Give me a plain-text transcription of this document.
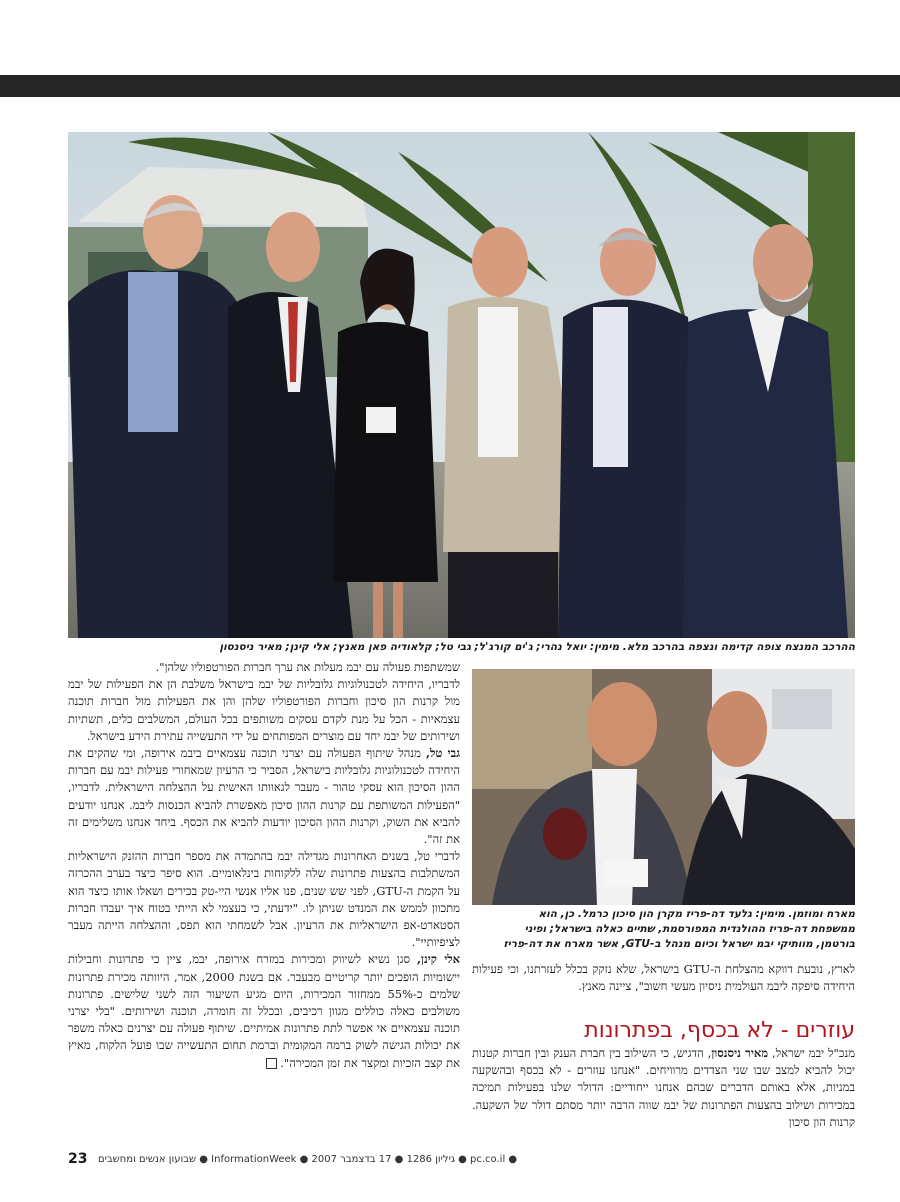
ההרכב המנצח צופה קדימה ונצפה בהרכב מלא. מימין: יואל נהרי; ג'ים קורג'ל; גבי טל; קלאודיה פאן מאנץ; אלי קינן; מאיר ניסנסון
מארח ומוזמן. מימין: גלעד דה-פריז מקרן הון סיכון כרמל. כן, הוא
ממשפחת דה-פריז ההולנדית המפורסמת, שתיים כאלה בישראל; ופיני
בורטמן, מוותיקי יבמ ישראל וכיום מנהל ב-GTU, אשר מארח את דה-פריז

שמשתפות פעולה עם יבמ מעלות את ערך חברות הפורטפוליו שלהן".

לדבריו, היחידה לטכנולוגיות גלובליות של יבמ בישראל משלבת הן את הפעילות של יבמ מול קרנות הון סיכון וחברות הפורטפוליו שלהן והן את הפעילות מול חברות תוכנה עצמאיות - הכל על מנת לקדם עסקים משותפים בכל העולם, המשלבים כלים, תשתיות ושירותים של יבמ יחד עם מוצרים המפותחים על ידי התעשייה עתירת הידע בישראל.

גבי טל, מנהל שיתוף הפעולה עם יצרני תוכנה עצמאיים ביבמ אירופה, ומי שהקים את היחידה לטכנולוגיות גלובליות בישראל, הסביר כי הרעיון שמאחורי פעילות יבמ עם חברות ההון הסיכון הוא עסקי טהור - מעבר לגאוותו האישית על ההצלחה הישראלית. לדבריו, "הפעילות המשותפת עם קרנות ההון סיכון מאפשרת להביא הכנסות ליבמ. אנחנו יודעים להביא את השוק, וקרנות ההון הסיכון יודעות להביא את הכסף. ביחד אנחנו משלימים זה את זה".

לדברי טל, בשנים האחרונות מגדילה יבמ בהתמדה את מספר חברות ההזנק הישראליות המשתלבות בהצעות פתרונות שלה ללקוחות בינלאומיים. הוא סיפר כיצד בערב ההכרזה על הקמת ה-GTU, לפני שש שנים, פנו אליו אנשי היי-טק בכירים ושאלו אותו כיצד הוא מתכוון לממש את המנדט שניתן לו. "ידעתי, כי בעצמי לא הייתי בטוח איך יעבדו חברות הסטארט-אפ הישראליות את הרעיון. אבל לשמחתי הוא תפס, וההצלחה הייתה מעבר לציפיותיי".

אלי קינן, סגן נשיא לשיווק ומכירות במזרח אירופה, יבמ, ציין כי פתרונות וחבילות יישומיות הופכים יותר קריטיים מבעבר. אם בשנת 2000, אמר, היוותה מכירת פתרונות שלמים כ-55% ממחזור המכירות, היום מגיע השיעור הזה לשני שלישים. פתרונות משולבים כאלה כוללים מגוון רכיבים, ובכלל זה חומרה, תוכנה ושירותים. "בלי יצרני תוכנה עצמאיים אי אפשר לתת פתרונות אמיתיים. שיתוף פעולה עם יצרנים כאלה משפר את יכולות הגישה לשוק ברמה המקומית וברמת תחום התעשייה שבו פועל הלקוח, מאיץ את קצב הזכיות ומקצר את זמן המכירה".

לארץ, נובעת דווקא מהצלחת ה-GTU בישראל, שלא נזקק בכלל לעזרתנו, וכי פעילות היחידה סיפקה ליבמ העולמית ניסיון מעשי חשוב", ציינה מאנץ.

עוזרים - לא בכסף, בפתרונות

מנכ"ל יבמ ישראל, מאיר ניסנסון, הדגיש, כי השילוב בין חברת הענק ובין חברות קטנות יכול להביא למצב שבו שני הצדדים מרוויחים. "אנחנו עוזרים - לא בכסף ובהשקעה במניות, אלא באותם הדברים שבהם אנחנו ייחודיים: הדולר שלנו בפעילות תמיכה במכירות ושילוב בהצעות הפתרונות של יבמ שווה הרבה יותר מסתם דולר של השקעה. קרנות הון סיכון

23 שבועון אנשים ומחשבים ● InformationWeek ● גיליון 1286 ● 17 בדצמבר 2007 ● pc.co.il ●
